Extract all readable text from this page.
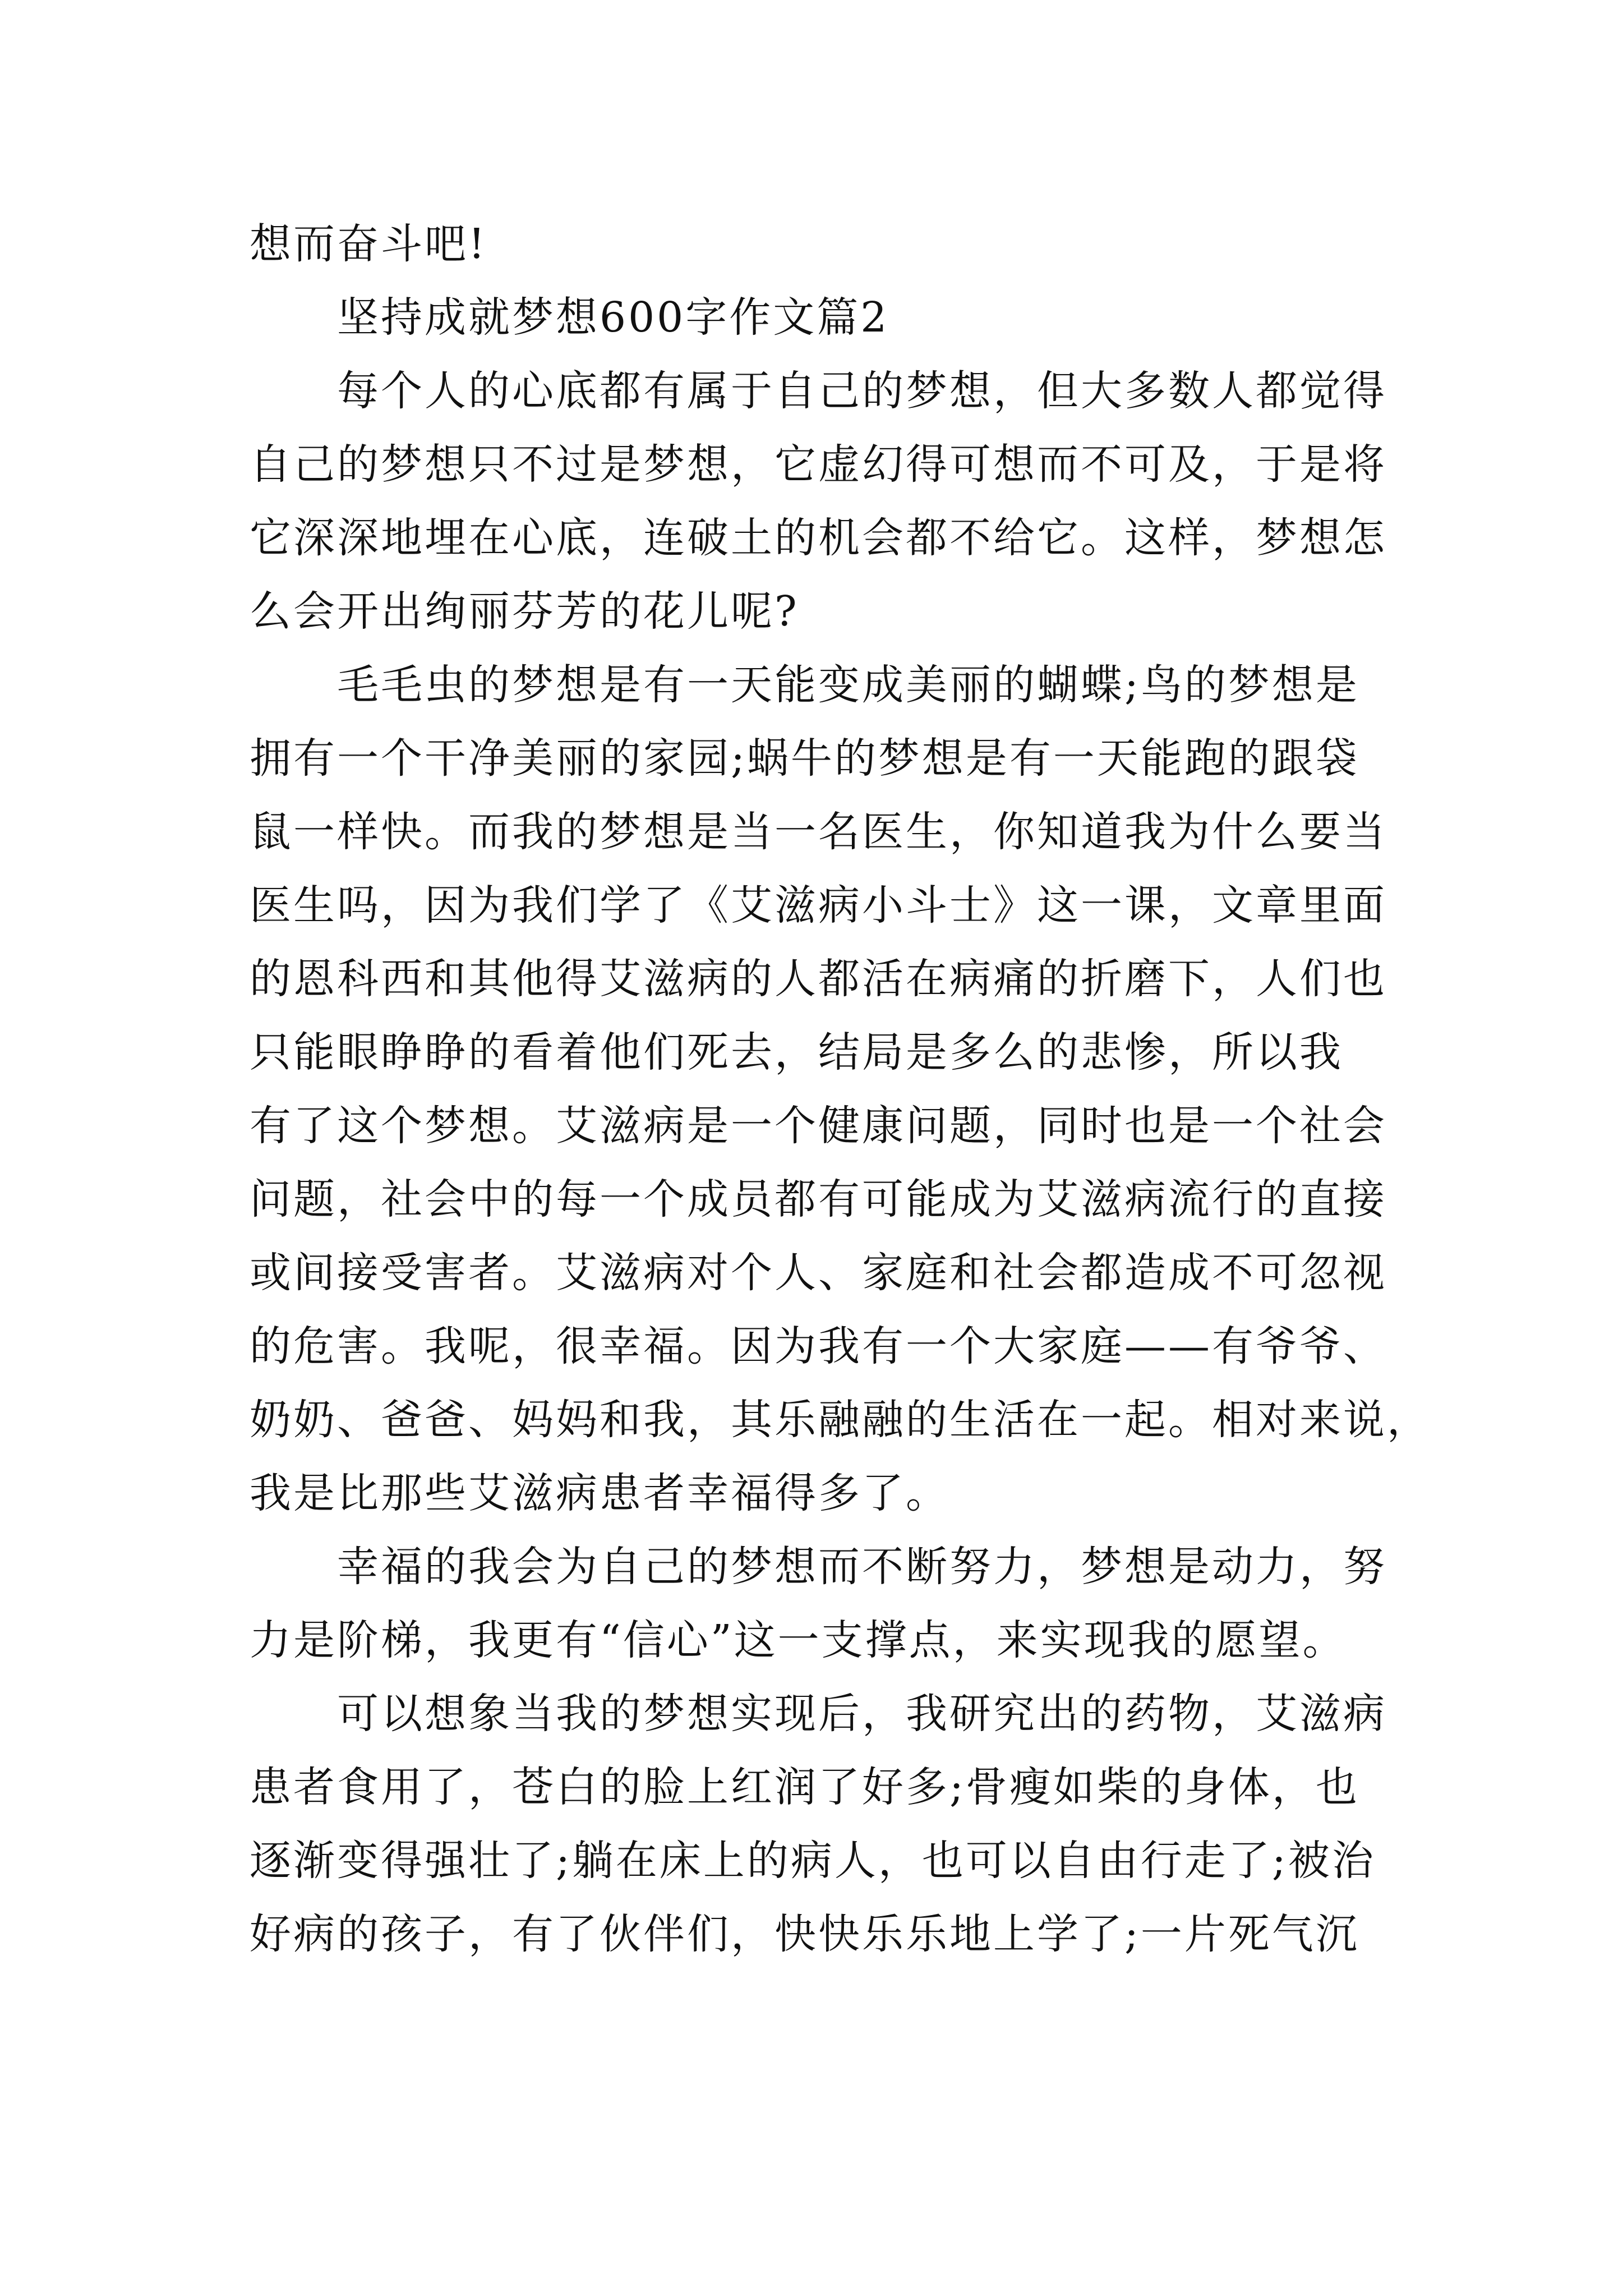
想而奋斗吧!
坚持成就梦想600字作文篇2
每个人的心底都有属于自己的梦想，但大多数人都觉得
自己的梦想只不过是梦想，它虚幻得可想而不可及，于是将
它深深地埋在心底，连破土的机会都不给它。这样，梦想怎
么会开出绚丽芬芳的花儿呢?
毛毛虫的梦想是有一天能变成美丽的蝴蝶;鸟的梦想是
拥有一个干净美丽的家园;蜗牛的梦想是有一天能跑的跟袋
鼠一样快。而我的梦想是当一名医生，你知道我为什么要当
医生吗，因为我们学了《艾滋病小斗士》这一课，文章里面
的恩科西和其他得艾滋病的人都活在病痛的折磨下，人们也
只能眼睁睁的看着他们死去，结局是多么的悲惨，所以我
有了这个梦想。艾滋病是一个健康问题，同时也是一个社会
问题，社会中的每一个成员都有可能成为艾滋病流行的直接
或间接受害者。艾滋病对个人、家庭和社会都造成不可忽视
的危害。我呢，很幸福。因为我有一个大家庭——有爷爷、
奶奶、爸爸、妈妈和我，其乐融融的生活在一起。相对来说，
我是比那些艾滋病患者幸福得多了。
幸福的我会为自己的梦想而不断努力，梦想是动力，努
力是阶梯，我更有“信心”这一支撑点，来实现我的愿望。
可以想象当我的梦想实现后，我研究出的药物，艾滋病
患者食用了，苍白的脸上红润了好多;骨瘦如柴的身体，也
逐渐变得强壮了;躺在床上的病人，也可以自由行走了;被治
好病的孩子，有了伙伴们，快快乐乐地上学了;一片死气沉
